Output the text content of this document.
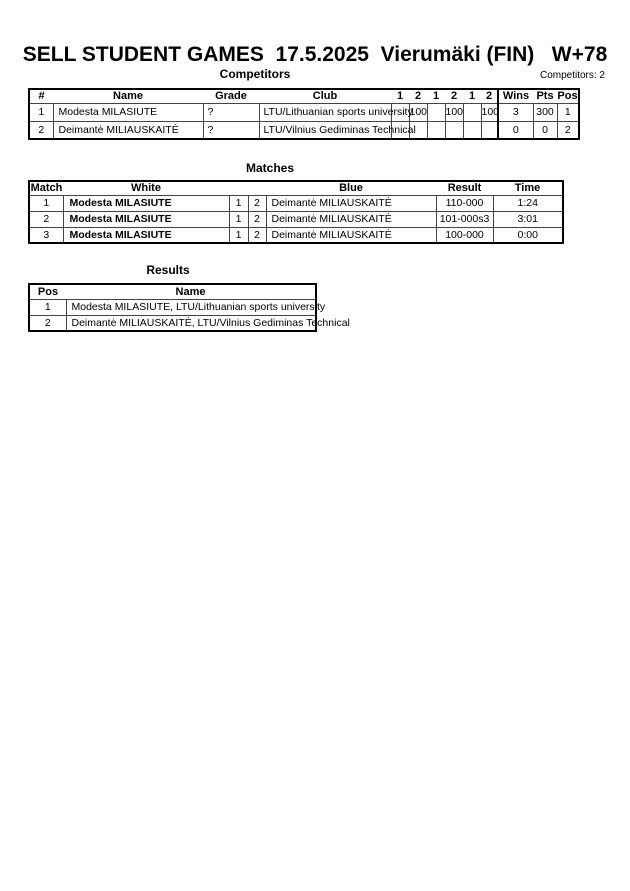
SELL STUDENT GAMES  17.5.2025  Vierumäki (FIN)   W+78
Competitors	Competitors: 2
#	Name	Grade	Club	1	2	1	2	1	2	Wins	Pts	Pos
1	Modesta MILASIUTE	?	LTU/Lithuanian sports university		100		100		100	3	300	1
2	Deimantė MILIAUSKAITĖ	?	LTU/Vilnius Gediminas Technical							0	0	2
Matches
Match	White			Blue	Result	Time
1	Modesta MILASIUTE	1	2	Deimantė MILIAUSKAITĖ	110-000	1:24
2	Modesta MILASIUTE	1	2	Deimantė MILIAUSKAITĖ	101-000s3	3:01
3	Modesta MILASIUTE	1	2	Deimantė MILIAUSKAITĖ	100-000	0:00
Results
Pos	Name
1	Modesta MILASIUTE, LTU/Lithuanian sports university
2	Deimantė MILIAUSKAITĖ, LTU/Vilnius Gediminas Technical
